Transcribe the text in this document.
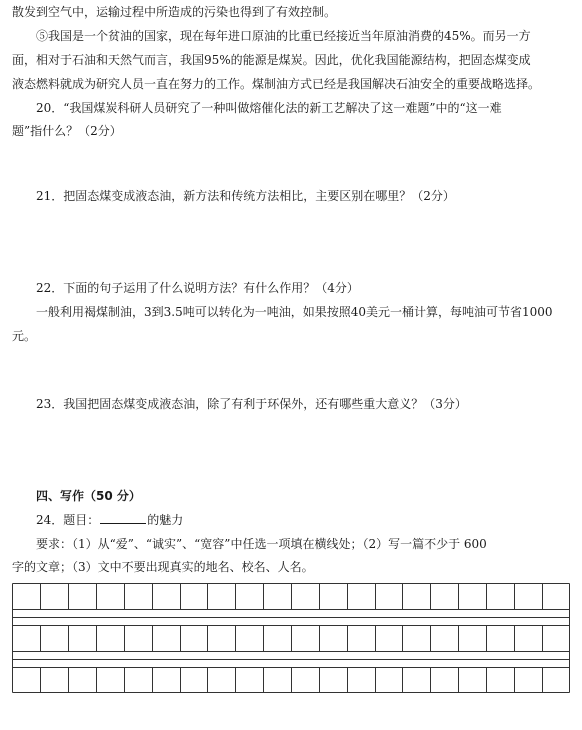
散发到空气中，运输过程中所造成的污染也得到了有效控制。
⑤我国是一个贫油的国家，现在每年进口原油的比重已经接近当年原油消费的45%。而另一方
面，相对于石油和天然气而言，我国95%的能源是煤炭。因此，优化我国能源结构，把固态煤变成
液态燃料就成为研究人员一直在努力的工作。煤制油方式已经是我国解决石油安全的重要战略选择。
20．“我国煤炭科研人员研究了一种叫做熔催化法的新工艺解决了这一难题”中的“这一难
题”指什么？（2分）
21．把固态煤变成液态油，新方法和传统方法相比，主要区别在哪里？（2分）
22．下面的句子运用了什么说明方法？有什么作用？（4分）
一般利用褐煤制油，3到3.5吨可以转化为一吨油，如果按照40美元一桶计算，每吨油可节省1000
元。
23．我国把固态煤变成液态油，除了有利于环保外，还有哪些重大意义？（3分）
四、写作（50 分）
24．题目：	的魅力
要求：（1）从“爱”、“诚实”、“宽容”中任选一项填在横线处；（2）写一篇不少于 600
字的文章；（3）文中不要出现真实的地名、校名、人名。
